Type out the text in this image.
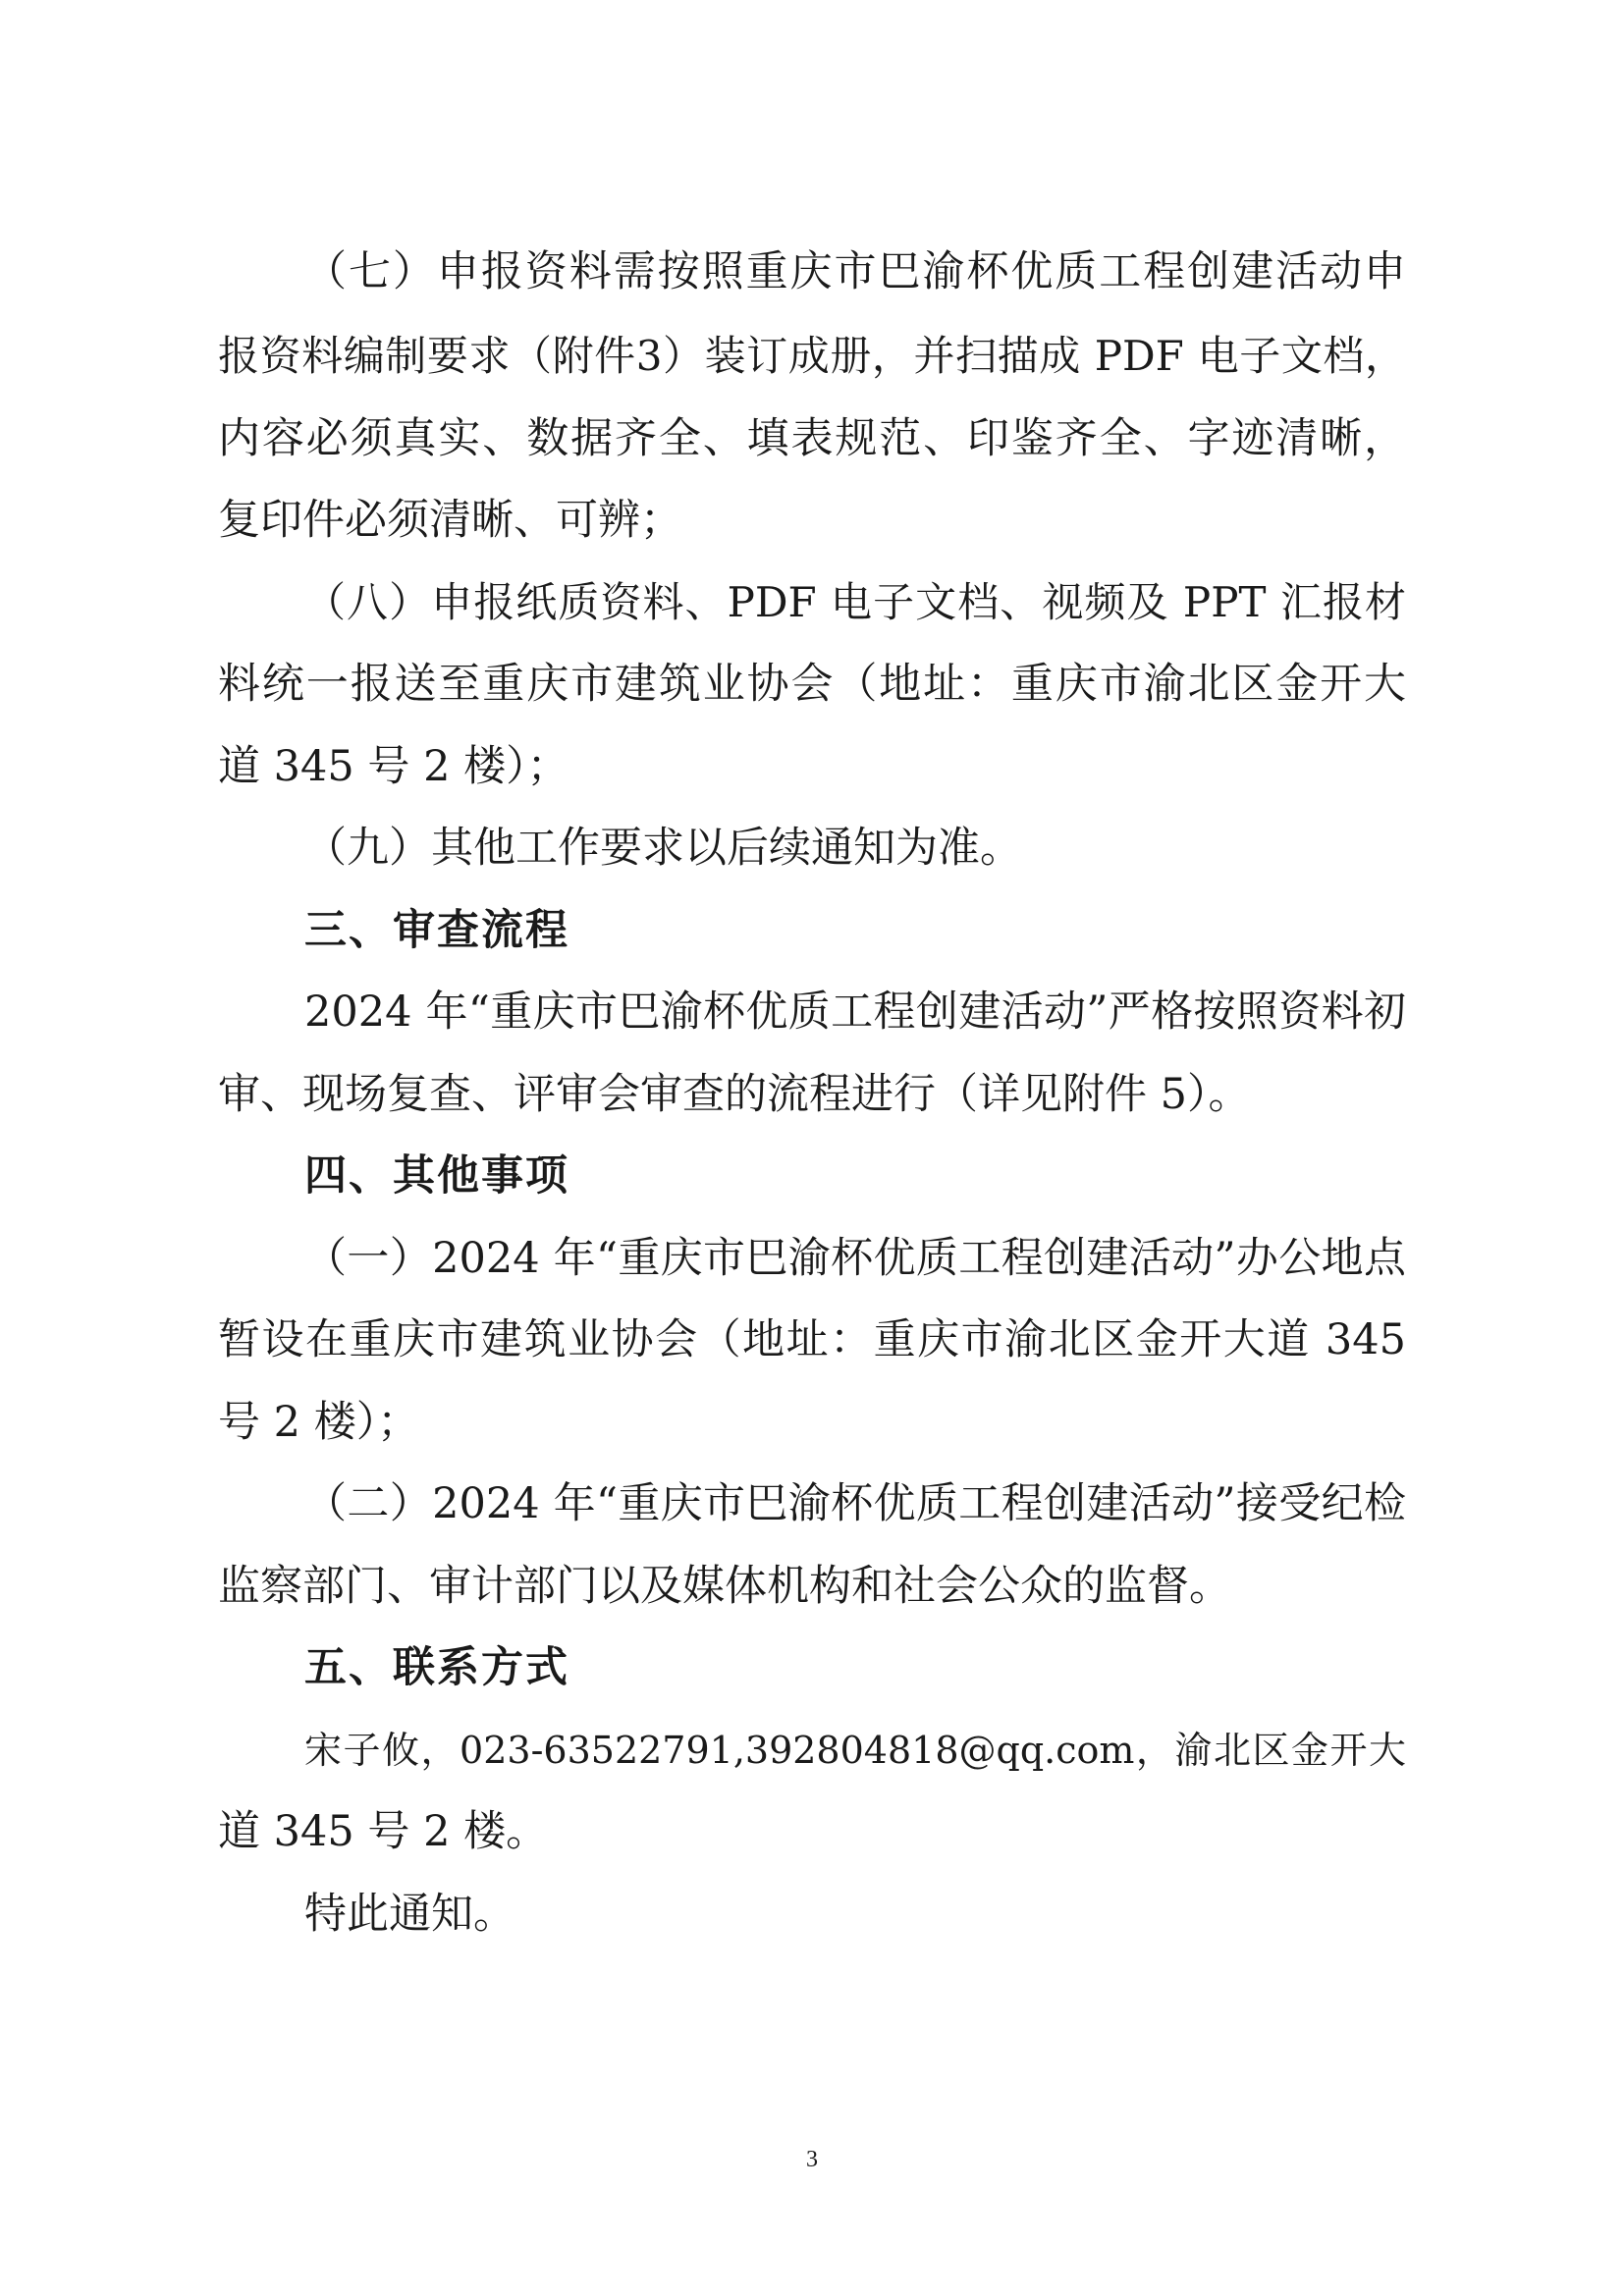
（七）申报资料需按照重庆市巴渝杯优质工程创建活动申

报资料编制要求（附件3）装订成册，并扫描成 PDF 电子文档，

内容必须真实、数据齐全、填表规范、印鉴齐全、字迹清晰，

复印件必须清晰、可辨；

（八）申报纸质资料、PDF 电子文档、视频及 PPT 汇报材

料统一报送至重庆市建筑业协会（地址：重庆市渝北区金开大

道 345 号 2 楼）；

（九）其他工作要求以后续通知为准。

三、审查流程

2024 年“重庆市巴渝杯优质工程创建活动”严格按照资料初

审、现场复查、评审会审查的流程进行（详见附件 5）。

四、其他事项

（一）2024 年“重庆市巴渝杯优质工程创建活动”办公地点

暂设在重庆市建筑业协会（地址：重庆市渝北区金开大道 345

号 2 楼）；

（二）2024 年“重庆市巴渝杯优质工程创建活动”接受纪检

监察部门、审计部门以及媒体机构和社会公众的监督。

五、联系方式

宋子攸，023-63522791,392804818@qq.com，渝北区金开大

道 345 号 2 楼。

特此通知。

3
